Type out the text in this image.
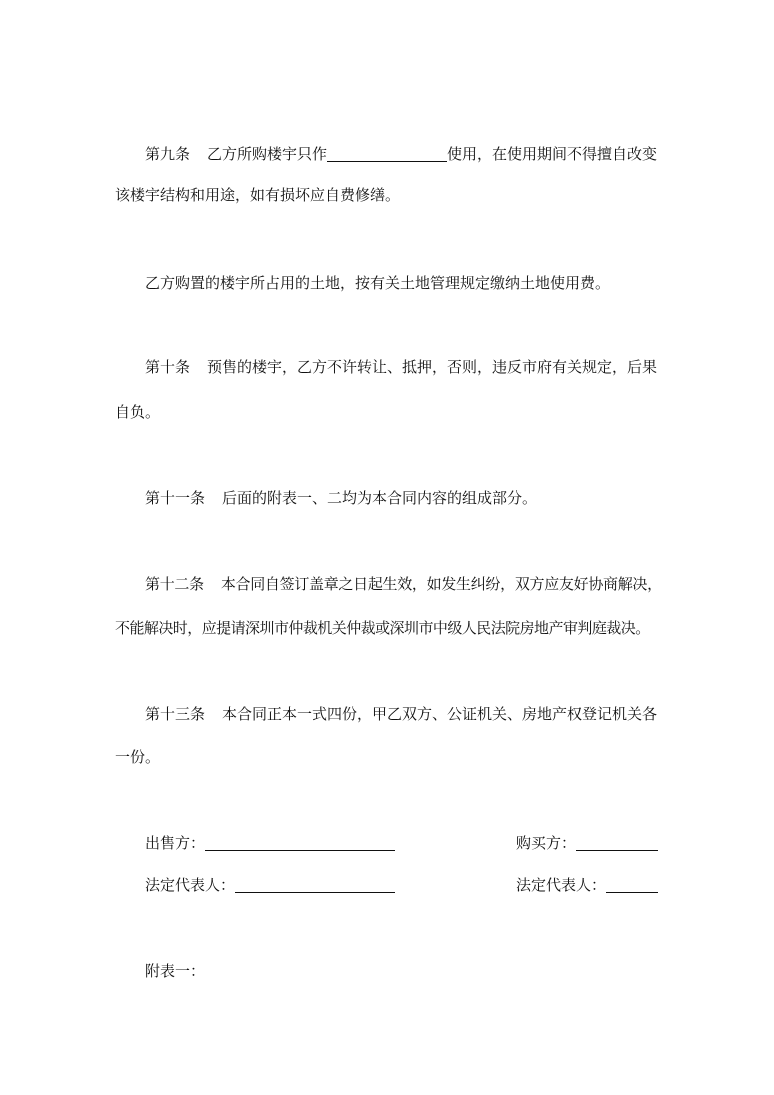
第九条 乙方所购楼宇只作	使用，在使用期间不得擅自改变
该楼宇结构和用途，如有损坏应自费修缮。
乙方购置的楼宇所占用的土地，按有关土地管理规定缴纳土地使用费。
第十条 预售的楼宇，乙方不许转让、抵押，否则，违反市府有关规定，后果
自负。
第十一条 后面的附表一、二均为本合同内容的组成部分。
第十二条 本合同自签订盖章之日起生效，如发生纠纷，双方应友好协商解决，
不能解决时，应提请深圳市仲裁机关仲裁或深圳市中级人民法院房地产审判庭裁决。
第十三条 本合同正本一式四份，甲乙双方、公证机关、房地产权登记机关各
一份。
出售方：	购买方：
法定代表人：	法定代表人：
附表一：
